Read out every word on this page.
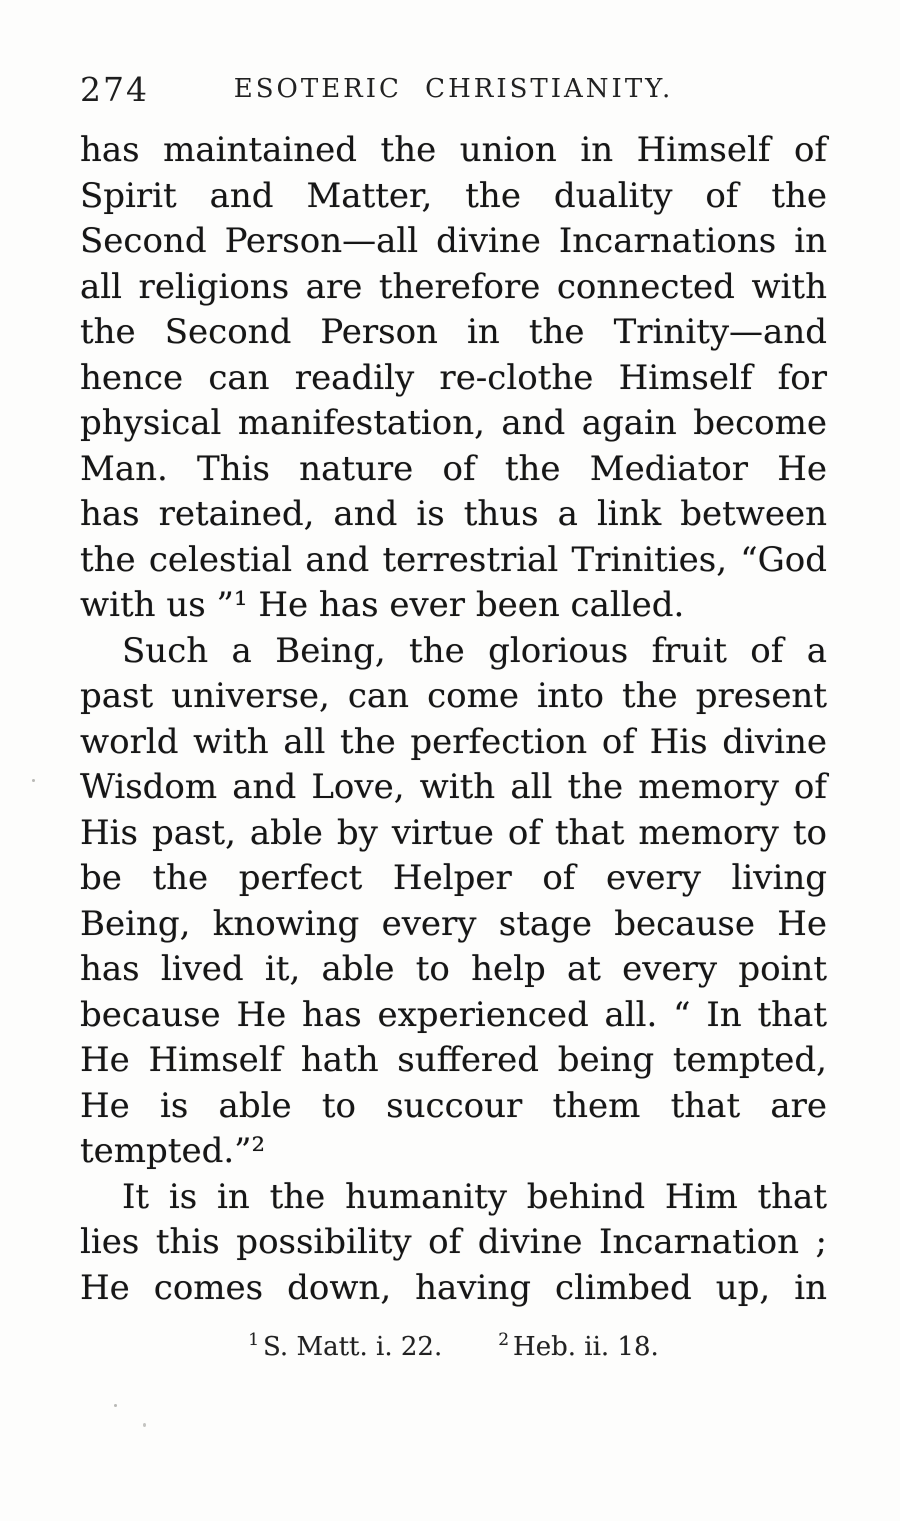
274	ESOTERIC CHRISTIANITY.
has maintained the union in Himself of
Spirit and Matter, the duality of the
Second Person—all divine Incarnations in
all religions are therefore connected with
the Second Person in the Trinity—and
hence can readily re-clothe Himself for
physical manifestation, and again become
Man. This nature of the Mediator He
has retained, and is thus a link between
the celestial and terrestrial Trinities, “God
with us ”¹ He has ever been called.
Such a Being, the glorious fruit of a
past universe, can come into the present
world with all the perfection of His divine
Wisdom and Love, with all the memory of
His past, able by virtue of that memory to
be the perfect Helper of every living
Being, knowing every stage because He
has lived it, able to help at every point
because He has experienced all. “ In that
He Himself hath suffered being tempted,
He is able to succour them that are
tempted.”²
It is in the humanity behind Him that
lies this possibility of divine Incarnation ;
He comes down, having climbed up, in
$^1$ S. Matt. i. 22.	$^2$ Heb. ii. 18.
